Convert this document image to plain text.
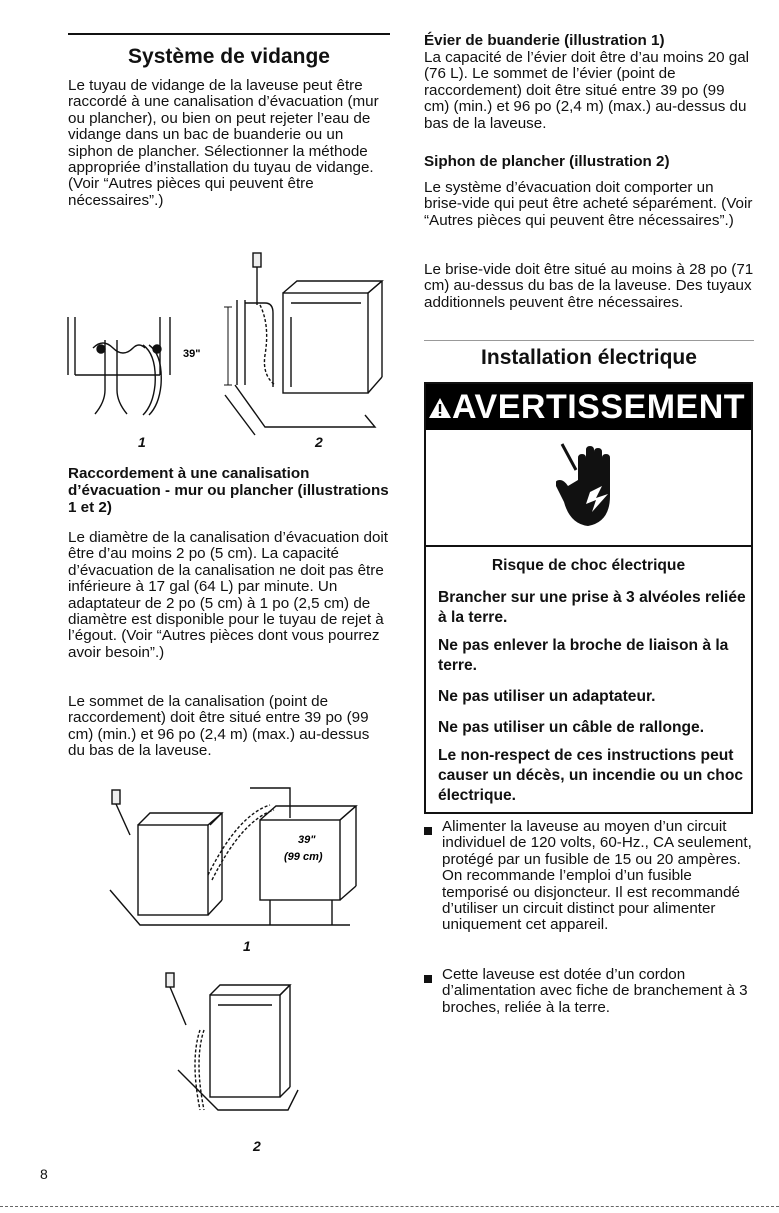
Système de vidange

Le tuyau de vidange de la laveuse peut être raccordé à une canalisation d’évacuation (mur ou plancher), ou bien on peut rejeter l’eau de vidange dans un bac de buanderie ou un siphon de plancher. Sélectionner la méthode appropriée d’installation du tuyau de vidange. (Voir “Autres pièces qui peuvent être nécessaires”.)

39"
1	2
Raccordement à une canalisation d’évacuation - mur ou plancher (illustrations 1 et 2)

Le diamètre de la canalisation d’évacuation doit être d’au moins 2 po (5 cm). La capacité d’évacuation de la canalisation ne doit pas être inférieure à 17 gal (64 L) par minute. Un adaptateur de 2 po (5 cm) à 1 po (2,5 cm) de diamètre est disponible pour le tuyau de rejet à l’égout. (Voir “Autres pièces dont vous pourrez avoir besoin”.)

Le sommet de la canalisation (point de raccordement) doit être situé entre 39 po (99 cm) (min.) et 96 po (2,4 m) (max.) au-dessus du bas de la laveuse.

39"
(99 cm)
1
2
Évier de buanderie (illustration 1)

La capacité de l’évier doit être d’au moins 20 gal (76 L). Le sommet de l’évier (point de raccordement) doit être situé entre 39 po (99 cm) (min.) et 96 po (2,4 m) (max.) au-dessus du bas de la laveuse.

Siphon de plancher (illustration 2)

Le système d’évacuation doit comporter un brise-vide qui peut être acheté séparément. (Voir “Autres pièces qui peuvent être nécessaires”.)

Le brise-vide doit être situé au moins à 28 po (71 cm) au-dessus du bas de la laveuse. Des tuyaux additionnels peuvent être nécessaires.

Installation électrique
AVERTISSEMENT
Risque de choc électrique
Brancher sur une prise à 3 alvéoles reliée à la terre.
Ne pas enlever la broche de liaison à la terre.
Ne pas utiliser un adaptateur.
Ne pas utiliser un câble de rallonge.
Le non-respect de ces instructions peut causer un décès, un incendie ou un choc électrique.
Alimenter la laveuse au moyen d’un circuit individuel de 120 volts, 60-Hz., CA seulement, protégé par un fusible de 15 ou 20 ampères. On recommande l’emploi d’un fusible temporisé ou disjoncteur. Il est recommandé d’utiliser un circuit distinct pour alimenter uniquement cet appareil.
Cette laveuse est dotée d’un cordon d’alimentation avec fiche de branchement à 3 broches, reliée à la terre.
8
